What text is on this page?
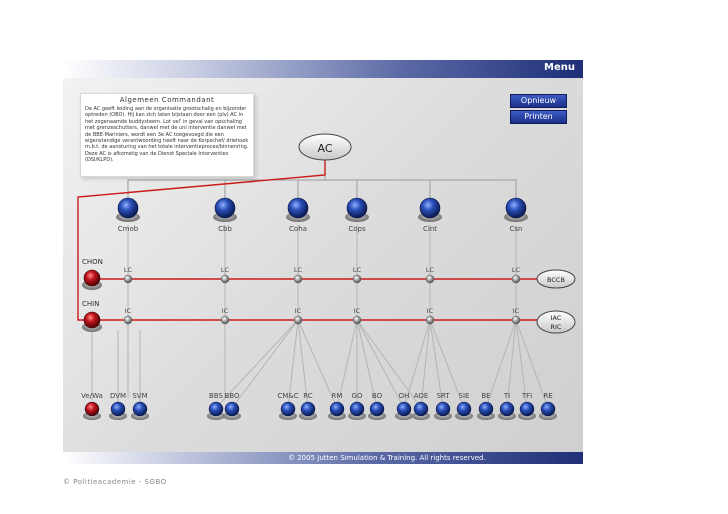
Menu
AC
Cmob	Cbb	Coha	Cops	Cint	Csn
LC	LC	LC	LC	LC	LC
IC	IC	IC	IC	IC	IC
Ve/Wa DVM SVM	BBS BBO	CM&C RC	RM GO BO OH AOE SRT SIE BE TI TFI RE
CHON
CHIN
BCCB
IAC
RIC
Algemeen Commandant
De AC geeft leiding aan de organisatie grootschalig en bijzonder optreden (OBO). Hij kan zich laten bijstaan door een (plv) AC in het zogenaamde buddysteem. Lot vel' in geval van opschaling met grenzeschutters, danwel met de uni interventie danwel met de BBE-Mariniers, wordt een 3e AC toegevoegd die een eigenstandige verantwoording heeft naar de Korpschef/ driehoek m.b.t. de aansturing van het totale interventieproces/binnenring. Deze AC is afkomstig van de Dienst Speciale Interventies (DSI/KLPD).
Opnieuw
Printen
© 2005 Jutten Simulation & Training. All rights reserved.
© Politieacademie - SGBO
